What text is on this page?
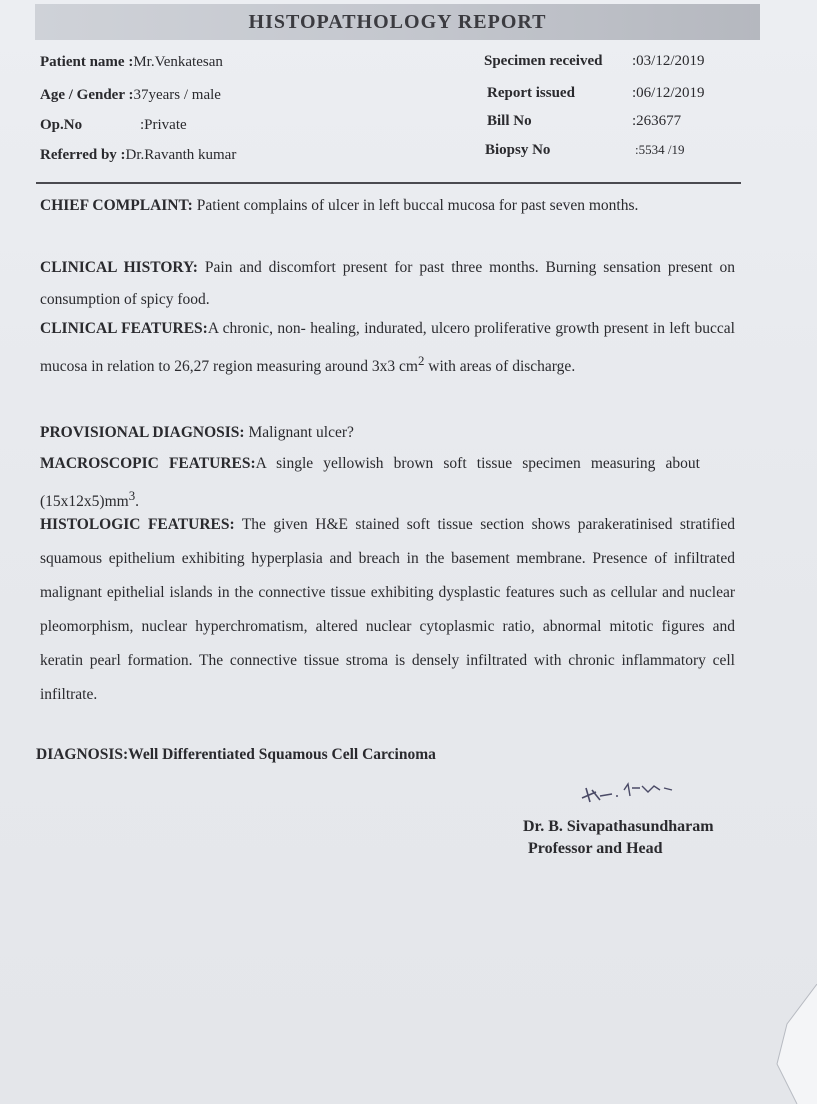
HISTOPATHOLOGY REPORT
Patient name :Mr.Venkatesan
Age / Gender :37years / male
Op.No	:Private
Referred by :Dr.Ravanth kumar
Specimen received :03/12/2019
Report issued	:06/12/2019
Bill No	:263677
Biopsy No	:5534 /19
CHIEF COMPLAINT: Patient complains of ulcer in left buccal mucosa for past seven months.
CLINICAL HISTORY: Pain and discomfort present for past three months. Burning sensation present on consumption of spicy food.
CLINICAL FEATURES:A chronic, non- healing, indurated, ulcero proliferative growth present in left buccal mucosa in relation to 26,27 region measuring around 3x3 $cm^2$ with areas of discharge.
PROVISIONAL DIAGNOSIS: Malignant ulcer?
MACROSCOPIC FEATURES:A single yellowish brown soft tissue specimen measuring about $(15x12x5)mm^3$.
HISTOLOGIC FEATURES: The given H&E stained soft tissue section shows parakeratinised stratified squamous epithelium exhibiting hyperplasia and breach in the basement membrane. Presence of infiltrated malignant epithelial islands in the connective tissue exhibiting dysplastic features such as cellular and nuclear pleomorphism, nuclear hyperchromatism, altered nuclear cytoplasmic ratio, abnormal mitotic figures and keratin pearl formation. The connective tissue stroma is densely infiltrated with chronic inflammatory cell infiltrate.
DIAGNOSIS:Well Differentiated Squamous Cell Carcinoma
Dr. B. Sivapathasundharam
Professor and Head
